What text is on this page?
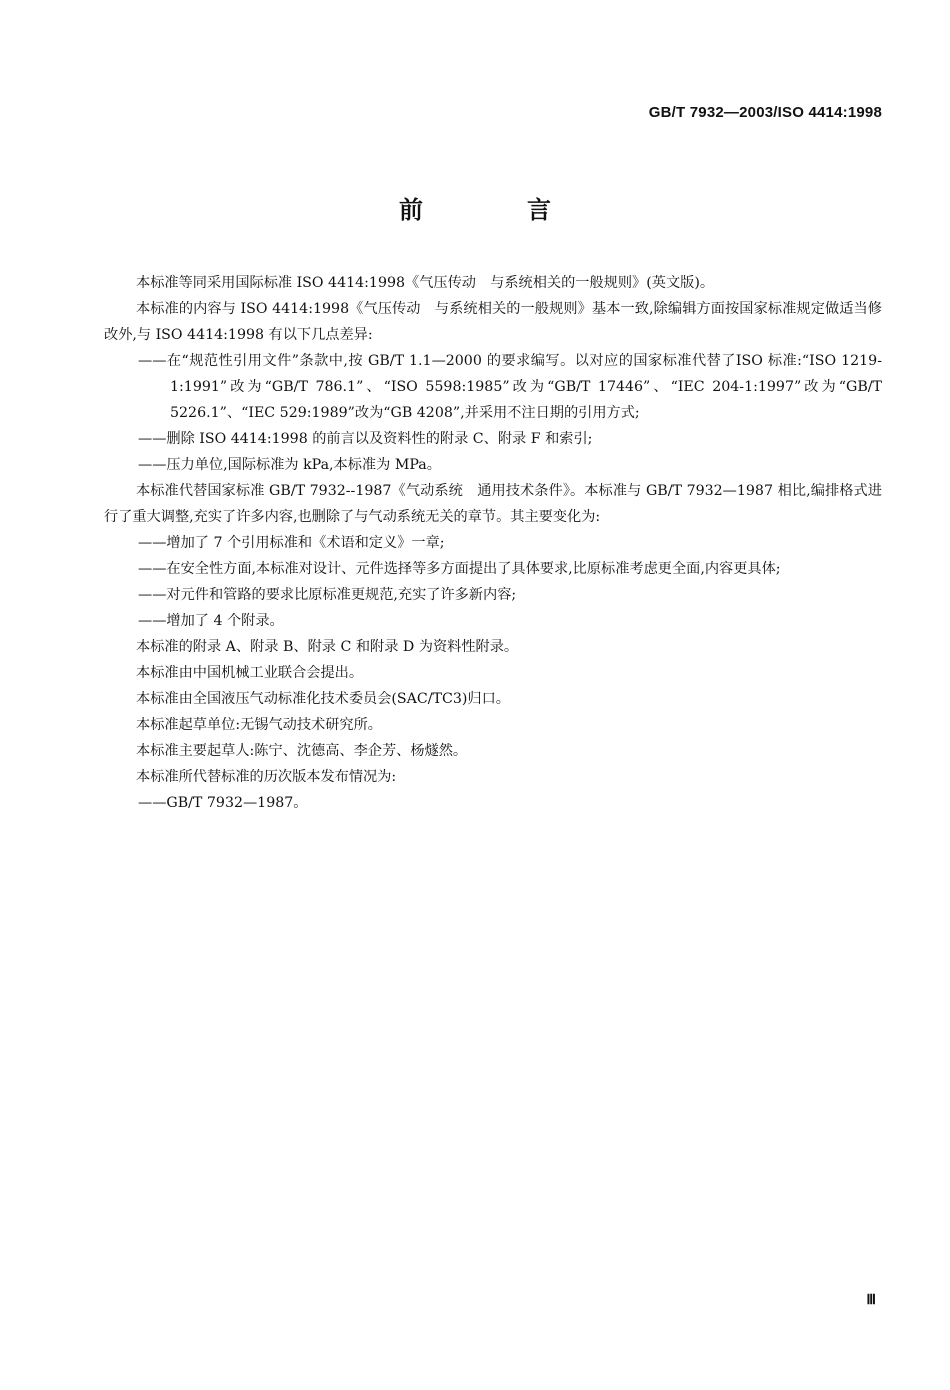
GB/T 7932—2003/ISO 4414:1998
前　言

本标准等同采用国际标准 ISO 4414:1998《气压传动　与系统相关的一般规则》(英文版)。

本标准的内容与 ISO 4414:1998《气压传动　与系统相关的一般规则》基本一致,除编辑方面按国家标准规定做适当修改外,与 ISO 4414:1998 有以下几点差异:

——在“规范性引用文件”条款中,按 GB/T 1.1—2000 的要求编写。以对应的国家标准代替了ISO 标准:“ISO 1219-1:1991”改为“GB/T 786.1”、“ISO 5598:1985”改为“GB/T 17446”、“IEC 204-1:1997”改为“GB/T 5226.1”、“IEC 529:1989”改为“GB 4208”,并采用不注日期的引用方式;

——删除 ISO 4414:1998 的前言以及资料性的附录 C、附录 F 和索引;

——压力单位,国际标准为 kPa,本标准为 MPa。

本标准代替国家标准 GB/T 7932--1987《气动系统　通用技术条件》。本标准与 GB/T 7932—1987 相比,编排格式进行了重大调整,充实了许多内容,也删除了与气动系统无关的章节。其主要变化为:

——增加了 7 个引用标准和《术语和定义》一章;

——在安全性方面,本标准对设计、元件选择等多方面提出了具体要求,比原标准考虑更全面,内容更具体;

——对元件和管路的要求比原标准更规范,充实了许多新内容;

——增加了 4 个附录。

本标准的附录 A、附录 B、附录 C 和附录 D 为资料性附录。

本标准由中国机械工业联合会提出。

本标准由全国液压气动标准化技术委员会(SAC/TC3)归口。

本标准起草单位:无锡气动技术研究所。

本标准主要起草人:陈宁、沈德高、李企芳、杨燧然。

本标准所代替标准的历次版本发布情况为:

——GB/T 7932—1987。

Ⅲ
